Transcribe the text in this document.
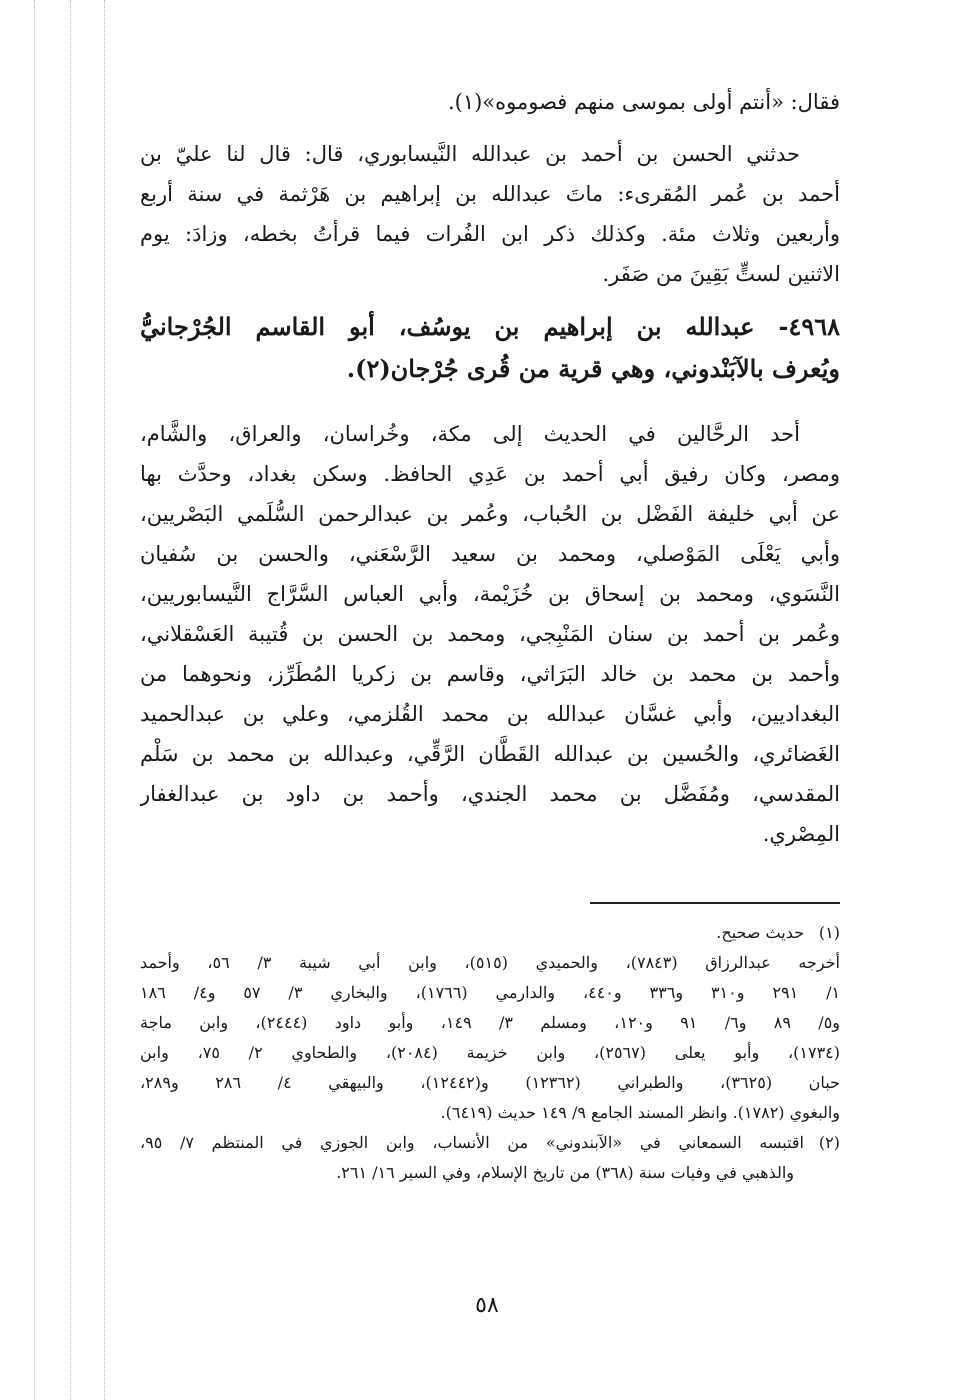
فقال: «أنتم أولى بموسى منهم فصوموه»(١).
حدثني الحسن بن أحمد بن عبدالله النَّيسابوري، قال: قال لنا عليّ بن
أحمد بن عُمر المُقرىء: ماتَ عبدالله بن إبراهيم بن هَرْثمة في سنة أربع
وأربعين وثلاث مئة. وكذلك ذكر ابن الفُرات فيما قرأتُ بخطه، وزادَ: يوم
الاثنين لستٍّ بَقِينَ من صَفَر.
٤٩٦٨- عبدالله بن إبراهيم بن يوسُف، أبو القاسم الجُرْجانيُّ
ويُعرف بالآبَنْدوني، وهي قرية من قُرى جُرْجان(٢).
أحد الرحَّالين في الحديث إلى مكة، وخُراسان، والعراق، والشَّام،
ومصر، وكان رفيق أبي أحمد بن عَدِي الحافظ. وسكن بغداد، وحدَّث بها
عن أبي خليفة الفَضْل بن الحُباب، وعُمر بن عبدالرحمن السُّلَمي البَصْريين،
وأبي يَعْلَى المَوْصلي، ومحمد بن سعيد الرَّسْعَني، والحسن بن سُفيان
النَّسَوي، ومحمد بن إسحاق بن خُزَيْمة، وأبي العباس السَّرَّاج النَّيسابوريين،
وعُمر بن أحمد بن سنان المَنْبِجي، ومحمد بن الحسن بن قُتيبة العَسْقلاني،
وأحمد بن محمد بن خالد البَرَاثي، وقاسم بن زكريا المُطَرِّز، ونحوهما من
البغداديين، وأبي غسَّان عبدالله بن محمد القُلزمي، وعلي بن عبدالحميد
الغَضائري، والحُسين بن عبدالله القَطَّان الرَّقِّي، وعبدالله بن محمد بن سَلْم
المقدسي، ومُفَضَّل بن محمد الجندي، وأحمد بن داود بن عبدالغفار
المِصْري.
(١)حديث صحيح.
أخرجه عبدالرزاق (٧٨٤٣)، والحميدي (٥١٥)، وابن أبي شيبة ٣/ ٥٦، وأحمد
١/ ٢٩١ و٣١٠ و٣٣٦ و٤٤٠، والدارمي (١٧٦٦)، والبخاري ٣/ ٥٧ و٤/ ١٨٦
و٥/ ٨٩ و٦/ ٩١ و١٢٠، ومسلم ٣/ ١٤٩، وأبو داود (٢٤٤٤)، وابن ماجة
(١٧٣٤)، وأبو يعلى (٢٥٦٧)، وابن خزيمة (٢٠٨٤)، والطحاوي ٢/ ٧٥، وابن
حبان (٣٦٢٥)، والطبراني (١٢٣٦٢) و(١٢٤٤٢)، والبيهقي ٤/ ٢٨٦ و٢٨٩،
والبغوي (١٧٨٢). وانظر المسند الجامع ٩/ ١٤٩ حديث (٦٤١٩).
(٢)اقتبسه السمعاني في «الآبندوني» من الأنساب، وابن الجوزي في المنتظم ٧/ ٩٥،
والذهبي في وفيات سنة (٣٦٨) من تاريخ الإسلام، وفي السير ١٦/ ٢٦١.
٥٨
